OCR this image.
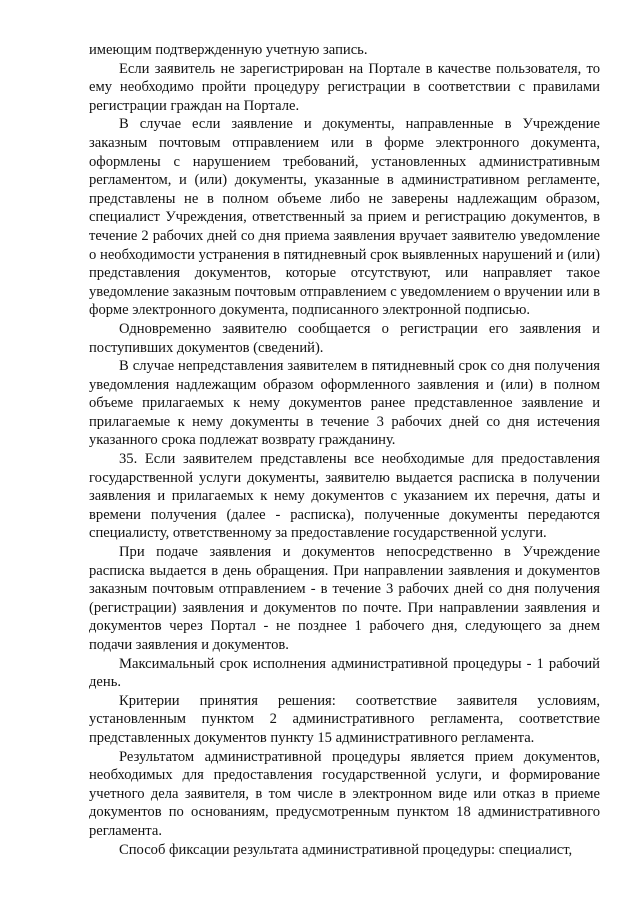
имеющим подтвержденную учетную запись.

Если заявитель не зарегистрирован на Портале в качестве пользователя, то ему необходимо пройти процедуру регистрации в соответствии с правилами регистрации граждан на Портале.

В случае если заявление и документы, направленные в Учреждение заказным почтовым отправлением или в форме электронного документа, оформлены с нарушением требований, установленных административным регламентом, и (или) документы, указанные в административном регламенте, представлены не в полном объеме либо не заверены надлежащим образом, специалист Учреждения, ответственный за прием и регистрацию документов, в течение 2 рабочих дней со дня приема заявления вручает заявителю уведомление о необходимости устранения в пятидневный срок выявленных нарушений и (или) представления документов, которые отсутствуют, или направляет такое уведомление заказным почтовым отправлением с уведомлением о вручении или в форме электронного документа, подписанного электронной подписью.

Одновременно заявителю сообщается о регистрации его заявления и поступивших документов (сведений).

В случае непредставления заявителем в пятидневный срок со дня получения уведомления надлежащим образом оформленного заявления и (или) в полном объеме прилагаемых к нему документов ранее представленное заявление и прилагаемые к нему документы в течение 3 рабочих дней со дня истечения указанного срока подлежат возврату гражданину.

35. Если заявителем представлены все необходимые для предоставления государственной услуги документы, заявителю выдается расписка в получении заявления и прилагаемых к нему документов с указанием их перечня, даты и времени получения (далее - расписка), полученные документы передаются специалисту, ответственному за предоставление государственной услуги.

При подаче заявления и документов непосредственно в Учреждение расписка выдается в день обращения. При направлении заявления и документов заказным почтовым отправлением - в течение 3 рабочих дней со дня получения (регистрации) заявления и документов по почте. При направлении заявления и документов через Портал - не позднее 1 рабочего дня, следующего за днем подачи заявления и документов.

Максимальный срок исполнения административной процедуры - 1 рабочий день.

Критерии принятия решения: соответствие заявителя условиям, установленным пунктом 2 административного регламента, соответствие представленных документов пункту 15 административного регламента.

Результатом административной процедуры является прием документов, необходимых для предоставления государственной услуги, и формирование учетного дела заявителя, в том числе в электронном виде или отказ в приеме документов по основаниям, предусмотренным пунктом 18 административного регламента.

Способ фиксации результата административной процедуры: специалист,
